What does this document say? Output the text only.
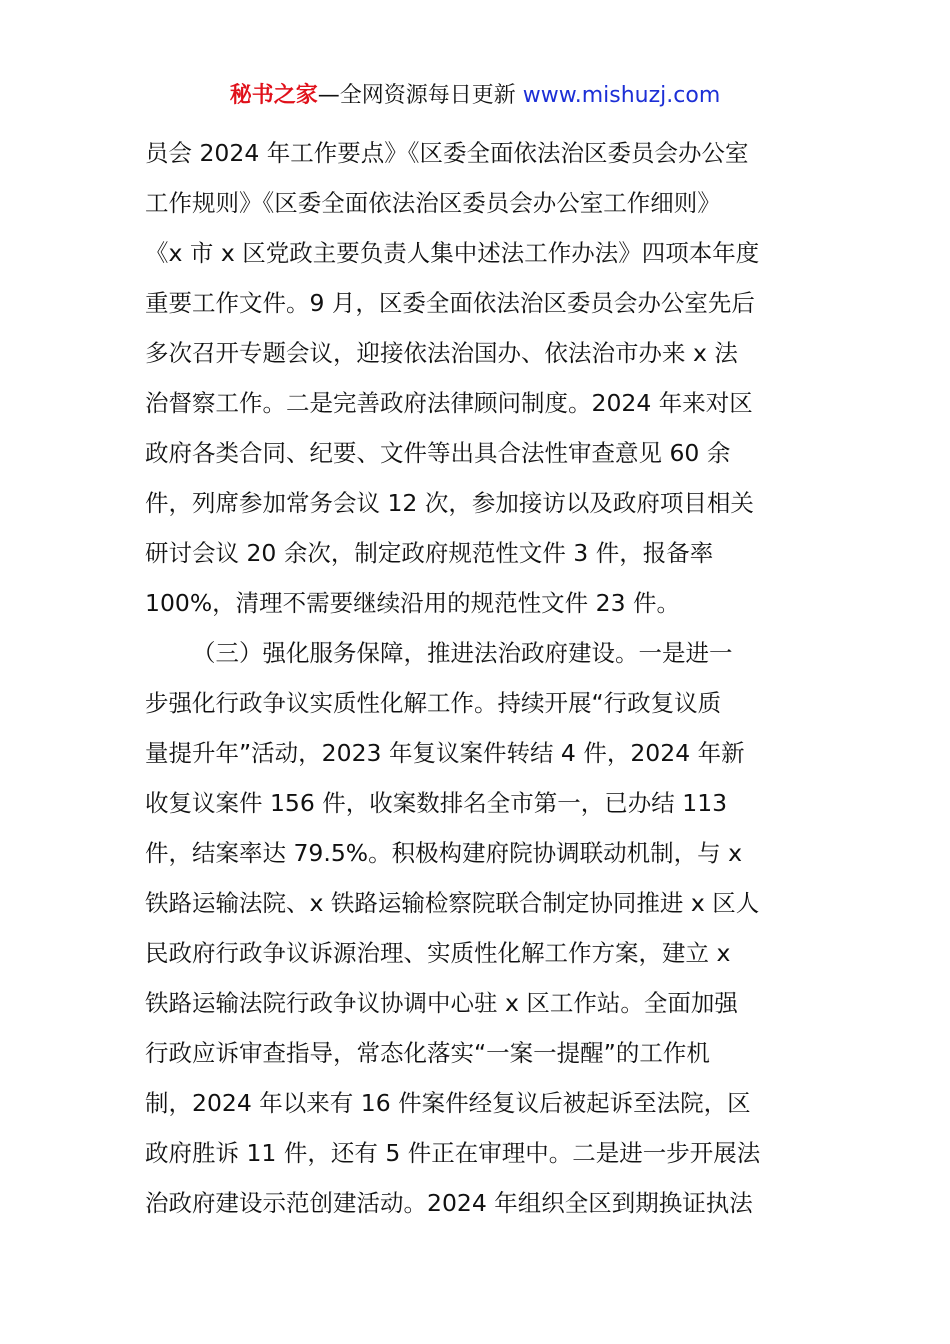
秘书之家—全网资源每日更新 www.mishuzj.com
员会 2024 年工作要点》《区委全面依法治区委员会办公室
工作规则》《区委全面依法治区委员会办公室工作细则》
《x 市 x 区党政主要负责人集中述法工作办法》四项本年度
重要工作文件。9 月，区委全面依法治区委员会办公室先后
多次召开专题会议，迎接依法治国办、依法治市办来 x 法
治督察工作。二是完善政府法律顾问制度。2024 年来对区
政府各类合同、纪要、文件等出具合法性审查意见 60 余
件，列席参加常务会议 12 次，参加接访以及政府项目相关
研讨会议 20 余次，制定政府规范性文件 3 件，报备率
100%，清理不需要继续沿用的规范性文件 23 件。
（三）强化服务保障，推进法治政府建设。一是进一
步强化行政争议实质性化解工作。持续开展“行政复议质
量提升年”活动，2023 年复议案件转结 4 件，2024 年新
收复议案件 156 件，收案数排名全市第一，已办结 113
件，结案率达 79.5%。积极构建府院协调联动机制，与 x
铁路运输法院、x 铁路运输检察院联合制定协同推进 x 区人
民政府行政争议诉源治理、实质性化解工作方案，建立 x
铁路运输法院行政争议协调中心驻 x 区工作站。全面加强
行政应诉审查指导，常态化落实“一案一提醒”的工作机
制，2024 年以来有 16 件案件经复议后被起诉至法院，区
政府胜诉 11 件，还有 5 件正在审理中。二是进一步开展法
治政府建设示范创建活动。2024 年组织全区到期换证执法
